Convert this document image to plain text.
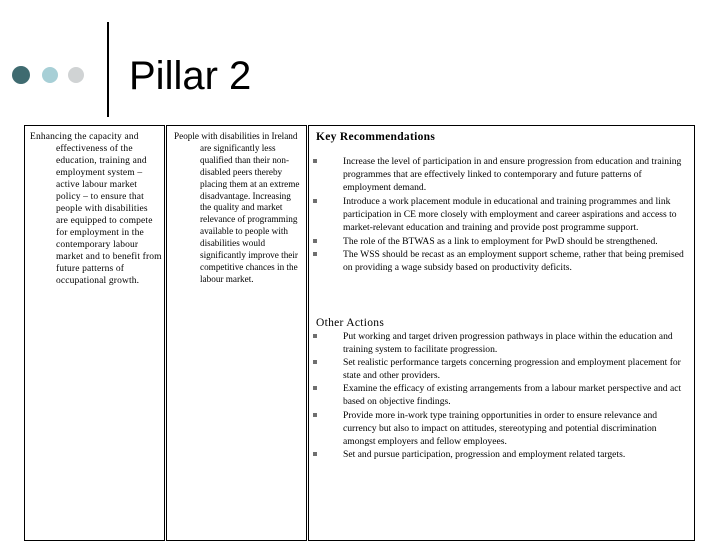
Pillar 2

Enhancing the capacity and effectiveness of the education, training and employment system – active labour market policy – to ensure that people with disabilities are equipped to compete for employment in the contemporary labour market and to benefit from future patterns of occupational growth.

People with disabilities in Ireland are significantly less qualified than their non-disabled peers thereby placing them at an extreme disadvantage. Increasing the quality and market relevance of programming available to people with disabilities would significantly improve their competitive chances in the labour market.

Key Recommendations
Increase the level of participation in and ensure progression from education and training programmes that are effectively linked to contemporary and future patterns of employment demand.
Introduce a work placement module in educational and training programmes and link participation in CE more closely with employment and career aspirations and access to market-relevant education and training and provide post programme support.
The role of the BTWAS as a link to employment for PwD should be strengthened.
The WSS should be recast as an employment support scheme, rather that being premised on providing a wage subsidy based on productivity deficits.
Other Actions
Put working and target driven progression pathways in place within the education and training system to facilitate progression.
Set realistic performance targets concerning progression and employment placement for state and other providers.
Examine the efficacy of existing arrangements from a labour market perspective and act based on objective findings.
Provide more in-work type training opportunities in order to ensure relevance and currency but also to impact on attitudes, stereotyping and potential discrimination amongst employers and fellow employees.
Set and pursue participation, progression and employment related targets.
